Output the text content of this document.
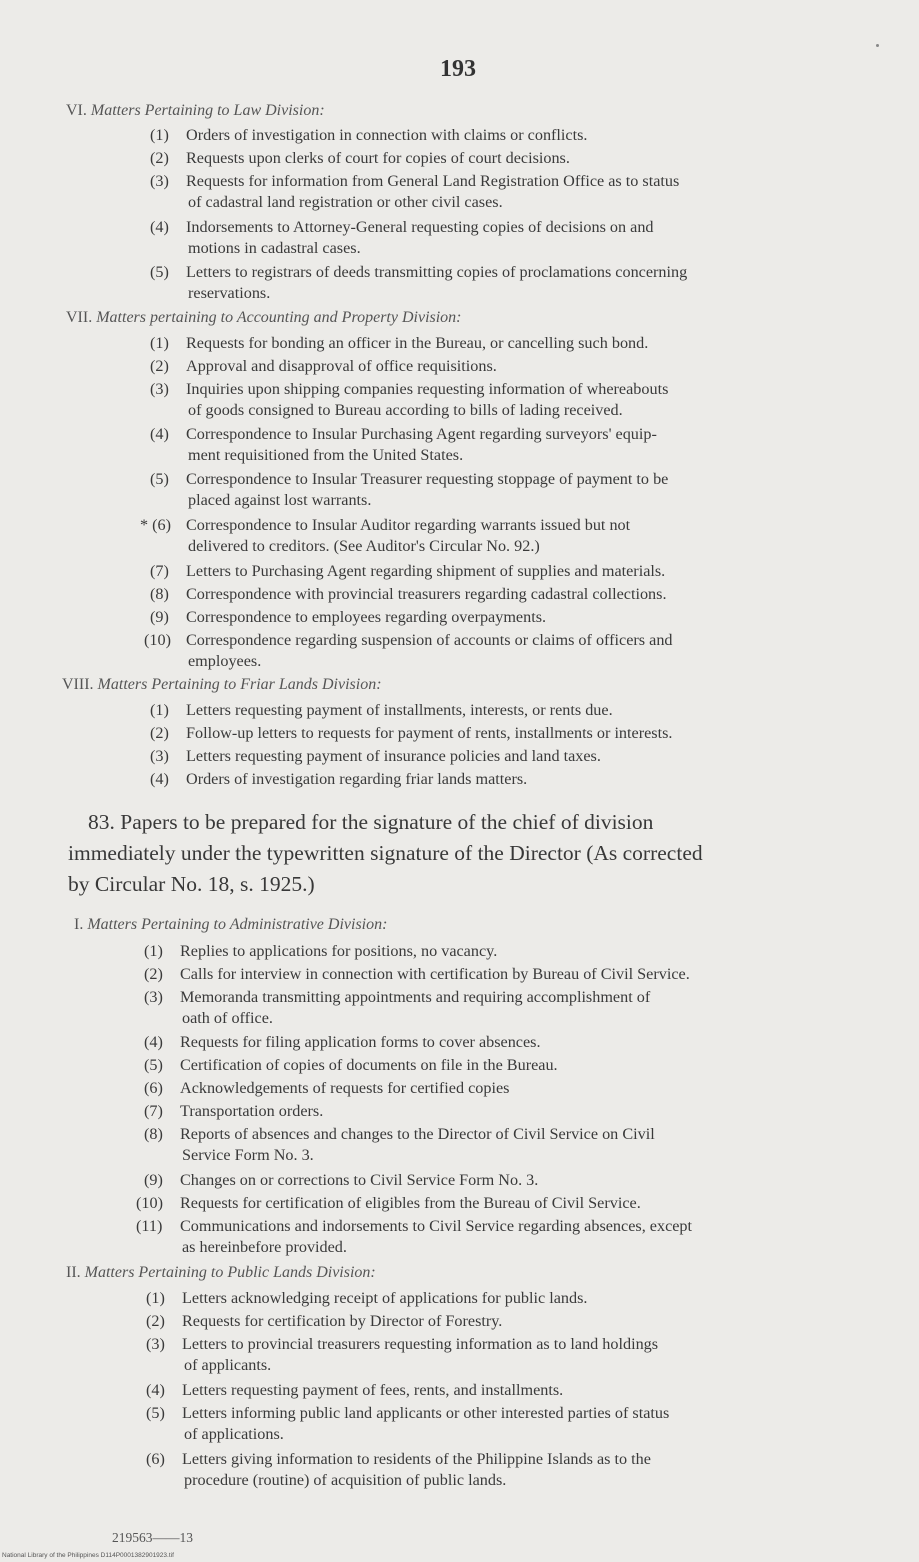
193
VI. Matters Pertaining to Law Division:
(1) Orders of investigation in connection with claims or conflicts.
(2) Requests upon clerks of court for copies of court decisions.
(3) Requests for information from General Land Registration Office as to status
of cadastral land registration or other civil cases.
(4) Indorsements to Attorney-General requesting copies of decisions on and
motions in cadastral cases.
(5) Letters to registrars of deeds transmitting copies of proclamations concerning
reservations.
VII. Matters pertaining to Accounting and Property Division:
(1) Requests for bonding an officer in the Bureau, or cancelling such bond.
(2) Approval and disapproval of office requisitions.
(3) Inquiries upon shipping companies requesting information of whereabouts
of goods consigned to Bureau according to bills of lading received.
(4) Correspondence to Insular Purchasing Agent regarding surveyors' equip-
ment requisitioned from the United States.
(5) Correspondence to Insular Treasurer requesting stoppage of payment to be
placed against lost warrants.
* (6) Correspondence to Insular Auditor regarding warrants issued but not
delivered to creditors. (See Auditor's Circular No. 92.)
(7) Letters to Purchasing Agent regarding shipment of supplies and materials.
(8) Correspondence with provincial treasurers regarding cadastral collections.
(9) Correspondence to employees regarding overpayments.
(10) Correspondence regarding suspension of accounts or claims of officers and
employees.
VIII. Matters Pertaining to Friar Lands Division:
(1) Letters requesting payment of installments, interests, or rents due.
(2) Follow-up letters to requests for payment of rents, installments or interests.
(3) Letters requesting payment of insurance policies and land taxes.
(4) Orders of investigation regarding friar lands matters.
83. Papers to be prepared for the signature of the chief of division
immediately under the typewritten signature of the Director (As corrected
by Circular No. 18, s. 1925.)
I. Matters Pertaining to Administrative Division:
(1) Replies to applications for positions, no vacancy.
(2) Calls for interview in connection with certification by Bureau of Civil Service.
(3) Memoranda transmitting appointments and requiring accomplishment of
oath of office.
(4) Requests for filing application forms to cover absences.
(5) Certification of copies of documents on file in the Bureau.
(6) Acknowledgements of requests for certified copies
(7) Transportation orders.
(8) Reports of absences and changes to the Director of Civil Service on Civil
Service Form No. 3.
(9) Changes on or corrections to Civil Service Form No. 3.
(10) Requests for certification of eligibles from the Bureau of Civil Service.
(11) Communications and indorsements to Civil Service regarding absences, except
as hereinbefore provided.
II. Matters Pertaining to Public Lands Division:
(1) Letters acknowledging receipt of applications for public lands.
(2) Requests for certification by Director of Forestry.
(3) Letters to provincial treasurers requesting information as to land holdings
of applicants.
(4) Letters requesting payment of fees, rents, and installments.
(5) Letters informing public land applicants or other interested parties of status
of applications.
(6) Letters giving information to residents of the Philippine Islands as to the
procedure (routine) of acquisition of public lands.
219563——13
National Library of the Philippines D114P0001382901923.tif
